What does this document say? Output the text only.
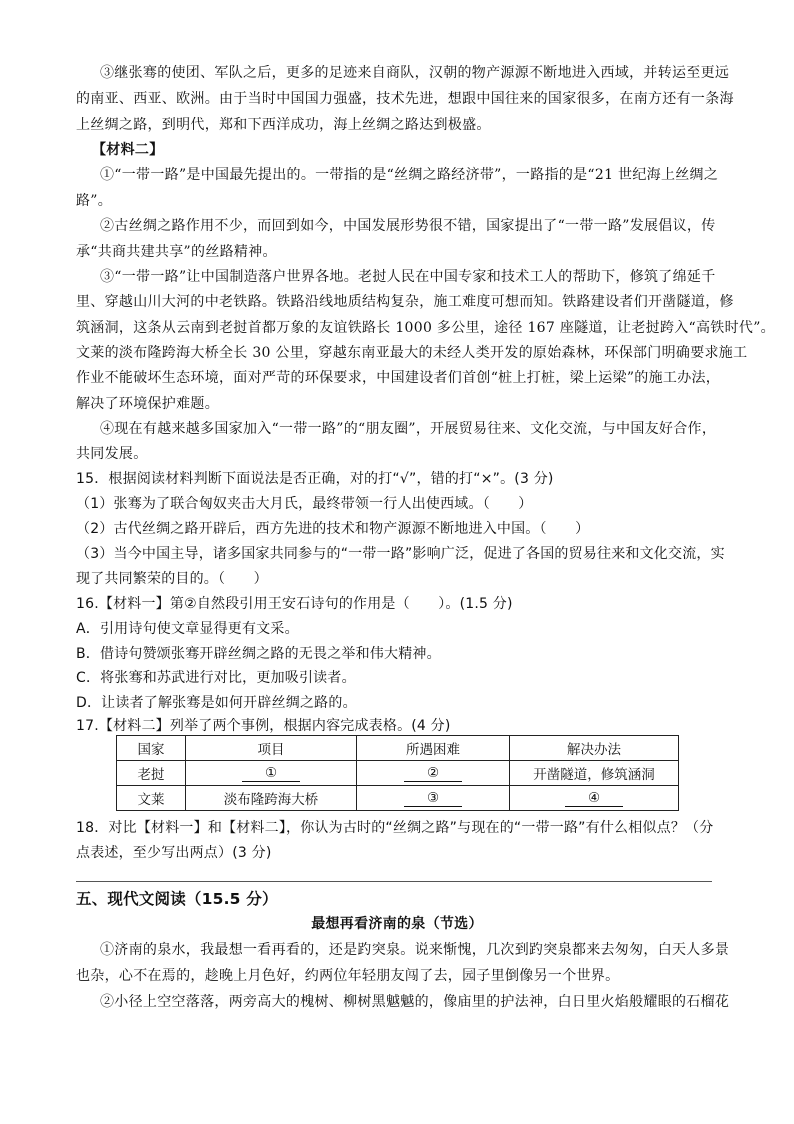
③继张骞的使团、军队之后，更多的足迹来自商队，汉朝的物产源源不断地进入西域，并转运至更远
的南亚、西亚、欧洲。由于当时中国国力强盛，技术先进，想跟中国往来的国家很多，在南方还有一条海
上丝绸之路，到明代，郑和下西洋成功，海上丝绸之路达到极盛。
【材料二】
①“一带一路”是中国最先提出的。一带指的是“丝绸之路经济带”，一路指的是“21 世纪海上丝绸之
路”。
②古丝绸之路作用不少，而回到如今，中国发展形势很不错，国家提出了“一带一路”发展倡议，传
承“共商共建共享”的丝路精神。
③“一带一路”让中国制造落户世界各地。老挝人民在中国专家和技术工人的帮助下，修筑了绵延千
里、穿越山川大河的中老铁路。铁路沿线地质结构复杂，施工难度可想而知。铁路建设者们开凿隧道，修
筑涵洞，这条从云南到老挝首都万象的友谊铁路长 1000 多公里，途径 167 座隧道，让老挝跨入“高铁时代”。
文莱的淡布隆跨海大桥全长 30 公里，穿越东南亚最大的未经人类开发的原始森林，环保部门明确要求施工
作业不能破坏生态环境，面对严苛的环保要求，中国建设者们首创“桩上打桩，梁上运梁”的施工办法，
解决了环境保护难题。
④现在有越来越多国家加入“一带一路”的“朋友圈”，开展贸易往来、文化交流，与中国友好合作，
共同发展。
15．根据阅读材料判断下面说法是否正确，对的打“√”，错的打“×”。(3 分)
（1）张骞为了联合匈奴夹击大月氏，最终带领一行人出使西域。（　　）
（2）古代丝绸之路开辟后，西方先进的技术和物产源源不断地进入中国。（　　）
（3）当今中国主导，诸多国家共同参与的“一带一路”影响广泛，促进了各国的贸易往来和文化交流，实
现了共同繁荣的目的。（　　）
16.【材料一】第②自然段引用王安石诗句的作用是（　　）。(1.5 分)
A．引用诗句使文章显得更有文采。
B．借诗句赞颂张骞开辟丝绸之路的无畏之举和伟大精神。
C．将张骞和苏武进行对比，更加吸引读者。
D．让读者了解张骞是如何开辟丝绸之路的。
17.【材料二】列举了两个事例，根据内容完成表格。(4 分)
国家	项目	所遇困难	解决办法
老挝	①	②	开凿隧道，修筑涵洞
文莱	淡布隆跨海大桥	③	④
18．对比【材料一】和【材料二】，你认为古时的“丝绸之路”与现在的“一带一路”有什么相似点？（分
点表述，至少写出两点）(3 分)
五、现代文阅读（15.5 分）
最想再看济南的泉（节选）
①济南的泉水，我最想一看再看的，还是趵突泉。说来惭愧，几次到趵突泉都来去匆匆，白天人多景
也杂，心不在焉的，趁晚上月色好，约两位年轻朋友闯了去，园子里倒像另一个世界。
②小径上空空落落，两旁高大的槐树、柳树黑魆魆的，像庙里的护法神，白日里火焰般耀眼的石榴花
